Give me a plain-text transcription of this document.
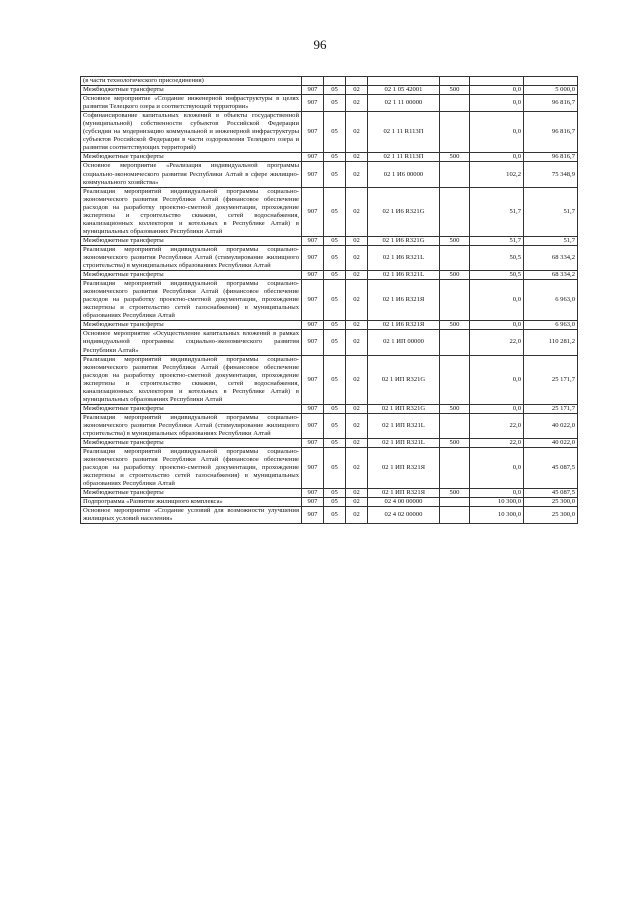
96
(в части технологического присоединения)							
Межбюджетные трансферты	907	05	02	02 1 05 42001	500	0,0	5 000,0
Основное мероприятие «Создание инженерной инфраструктуры в целях развития Телецкого озера и соответствующей территории»	907	05	02	02 1 11 00000		0,0	96 816,7
Софинансирование капитальных вложений в объекты государственной (муниципальной) собственности субъектов Российской Федерации (субсидии на модернизацию коммунальной и инженерной инфраструктуры субъектов Российской Федерации в части оздоровления Телецкого озера и развития соответствующих территорий)	907	05	02	02 1 11 R113П		0,0	96 816,7
Межбюджетные трансферты	907	05	02	02 1 11 R113П	500	0,0	96 816,7
Основное мероприятие «Реализация индивидуальной программы социально-экономического развития Республики Алтай в сфере жилищно-коммунального хозяйства»	907	05	02	02 1 И6 00000		102,2	75 348,9
Реализация мероприятий индивидуальной программы социально-экономического развития Республики Алтай (финансовое обеспечение расходов на разработку проектно-сметной документации, прохождение экспертизы и строительство скважин, сетей водоснабжения, канализационных коллекторов и котельных в Республике Алтай) в муниципальных образованиях Республики Алтай	907	05	02	02 1 И6 R321G		51,7	51,7
Межбюджетные трансферты	907	05	02	02 1 И6 R321G	500	51,7	51,7
Реализация мероприятий индивидуальной программы социально-экономического развития Республики Алтай (стимулирование жилищного строительства) в муниципальных образованиях Республики Алтай	907	05	02	02 1 И6 R321L		50,5	68 334,2
Межбюджетные трансферты	907	05	02	02 1 И6 R321L	500	50,5	68 334,2
Реализация мероприятий индивидуальной программы социально-экономического развития Республики Алтай (финансовое обеспечение расходов на разработку проектно-сметной документации, прохождение экспертизы и строительство сетей газоснабжения) в муниципальных образованиях Республики Алтай	907	05	02	02 1 И6 R321Я		0,0	6 963,0
Межбюджетные трансферты	907	05	02	02 1 И6 R321Я	500	0,0	6 963,0
Основное мероприятие «Осуществление капитальных вложений в рамках индивидуальной программы социально-экономического развития Республики Алтай»	907	05	02	02 1 ИП 00000		22,0	110 281,2
Реализация мероприятий индивидуальной программы социально-экономического развития Республики Алтай (финансовое обеспечение расходов на разработку проектно-сметной документации, прохождение экспертизы и строительство скважин, сетей водоснабжения, канализационных коллекторов и котельных в Республике Алтай) в муниципальных образованиях Республики Алтай	907	05	02	02 1 ИП R321G		0,0	25 171,7
Межбюджетные трансферты	907	05	02	02 1 ИП R321G	500	0,0	25 171,7
Реализация мероприятий индивидуальной программы социально-экономического развития Республики Алтай (стимулирование жилищного строительства) в муниципальных образованиях Республики Алтай	907	05	02	02 1 ИП R321L		22,0	40 022,0
Межбюджетные трансферты	907	05	02	02 1 ИП R321L	500	22,0	40 022,0
Реализация мероприятий индивидуальной программы социально-экономического развития Республики Алтай (финансовое обеспечение расходов на разработку проектно-сметной документации, прохождение экспертизы и строительство сетей газоснабжения) в муниципальных образованиях Республики Алтай	907	05	02	02 1 ИП R321Я		0,0	45 087,5
Межбюджетные трансферты	907	05	02	02 1 ИП R321Я	500	0,0	45 087,5
Подпрограмма «Развитие жилищного комплекса»	907	05	02	02 4 00 00000		10 300,0	25 300,0
Основное мероприятие «Создание условий для возможности улучшения жилищных условий населения»	907	05	02	02 4 02 00000		10 300,0	25 300,0
